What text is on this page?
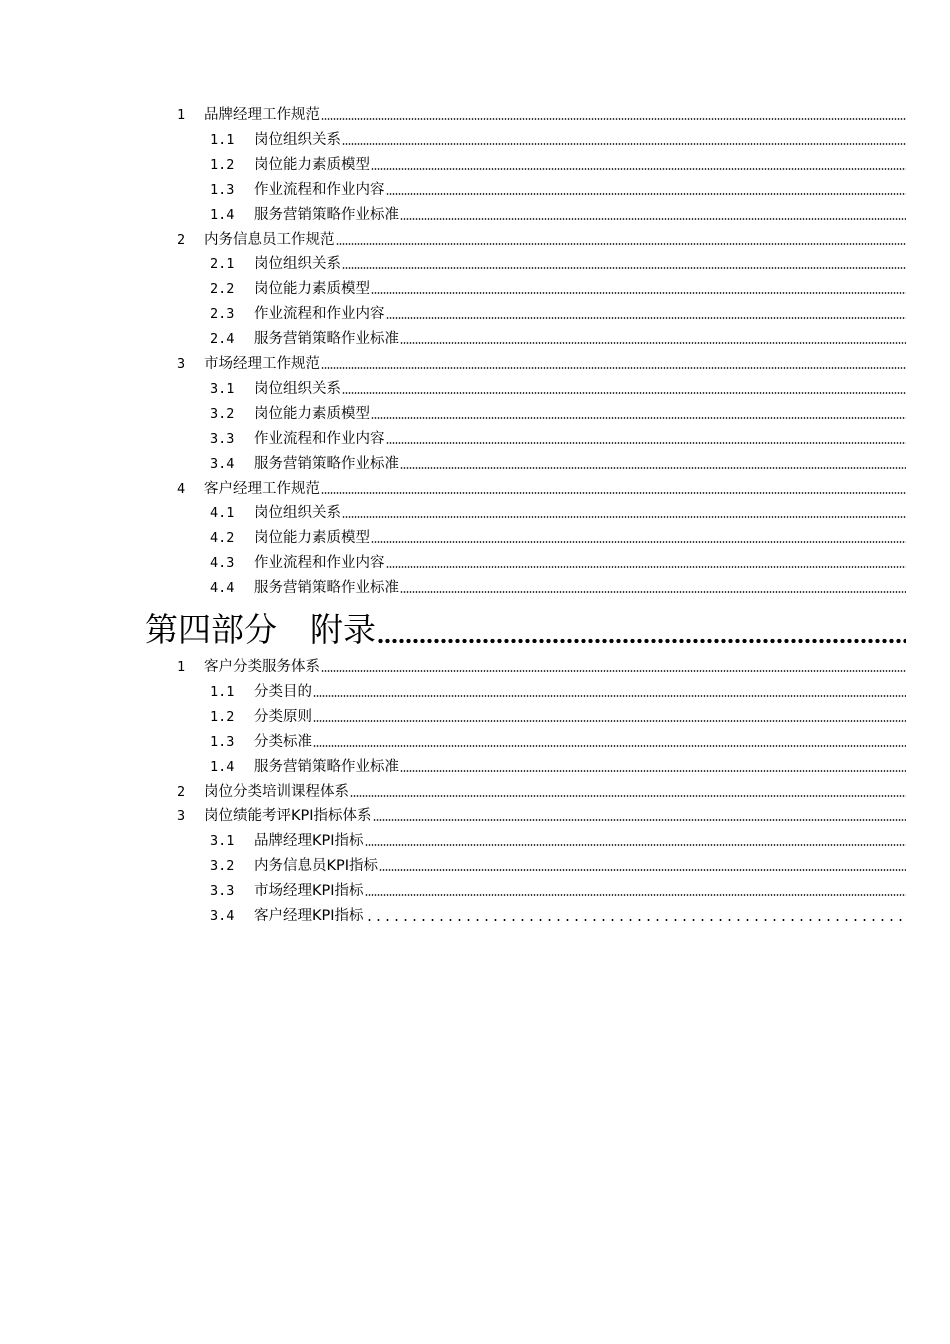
1	品牌经理工作规范
1.1	岗位组织关系
1.2	岗位能力素质模型
1.3	作业流程和作业内容
1.4	服务营销策略作业标准
2	内务信息员工作规范
2.1	岗位组织关系
2.2	岗位能力素质模型
2.3	作业流程和作业内容
2.4	服务营销策略作业标准
3	市场经理工作规范
3.1	岗位组织关系
3.2	岗位能力素质模型
3.3	作业流程和作业内容
3.4	服务营销策略作业标准
4	客户经理工作规范
4.1	岗位组织关系
4.2	岗位能力素质模型
4.3	作业流程和作业内容
4.4	服务营销策略作业标准
第四部分　附录
1	客户分类服务体系
1.1	分类目的
1.2	分类原则
1.3	分类标准
1.4	服务营销策略作业标准
2	岗位分类培训课程体系
3	岗位绩能考评KPI指标体系
3.1	品牌经理KPI指标
3.2	内务信息员KPI指标
3.3	市场经理KPI指标
3.4	客户经理KPI指标
